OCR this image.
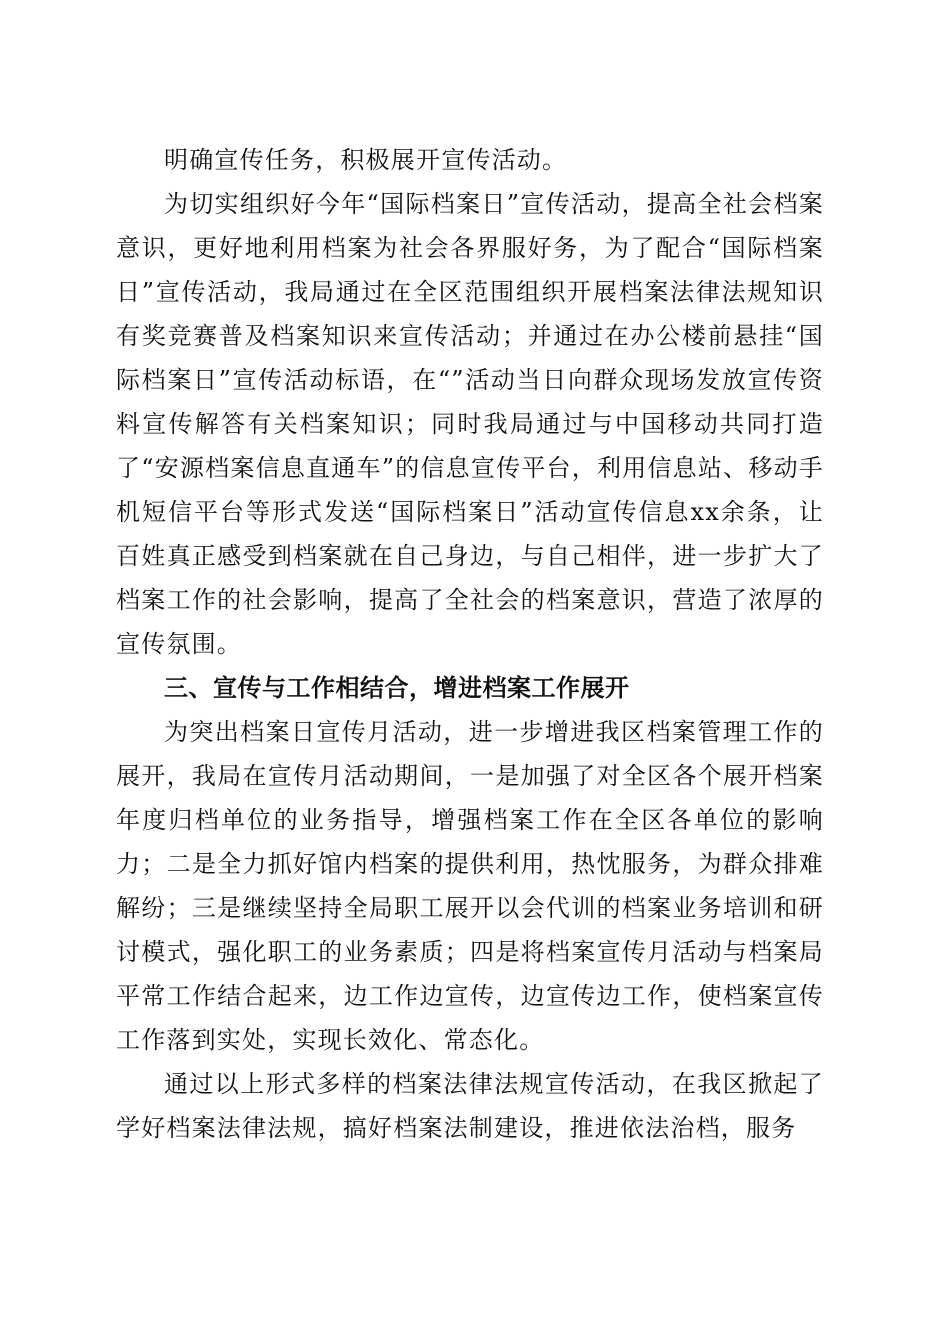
明确宣传任务，积极展开宣传活动。

为切实组织好今年“国际档案日”宣传活动，提高全社会档案意识，更好地利用档案为社会各界服好务，为了配合“国际档案日”宣传活动，我局通过在全区范围组织开展档案法律法规知识有奖竞赛普及档案知识来宣传活动；并通过在办公楼前悬挂“国际档案日”宣传活动标语，在“”活动当日向群众现场发放宣传资料宣传解答有关档案知识；同时我局通过与中国移动共同打造了“安源档案信息直通车”的信息宣传平台，利用信息站、移动手机短信平台等形式发送“国际档案日”活动宣传信息xx余条，让百姓真正感受到档案就在自己身边，与自己相伴，进一步扩大了档案工作的社会影响，提高了全社会的档案意识，营造了浓厚的宣传氛围。

三、宣传与工作相结合，增进档案工作展开

为突出档案日宣传月活动，进一步增进我区档案管理工作的展开，我局在宣传月活动期间，一是加强了对全区各个展开档案年度归档单位的业务指导，增强档案工作在全区各单位的影响力；二是全力抓好馆内档案的提供利用，热忱服务，为群众排难解纷；三是继续坚持全局职工展开以会代训的档案业务培训和研讨模式，强化职工的业务素质；四是将档案宣传月活动与档案局平常工作结合起来，边工作边宣传，边宣传边工作，使档案宣传工作落到实处，实现长效化、常态化。

通过以上形式多样的档案法律法规宣传活动，在我区掀起了学好档案法律法规，搞好档案法制建设，推进依法治档，服务
